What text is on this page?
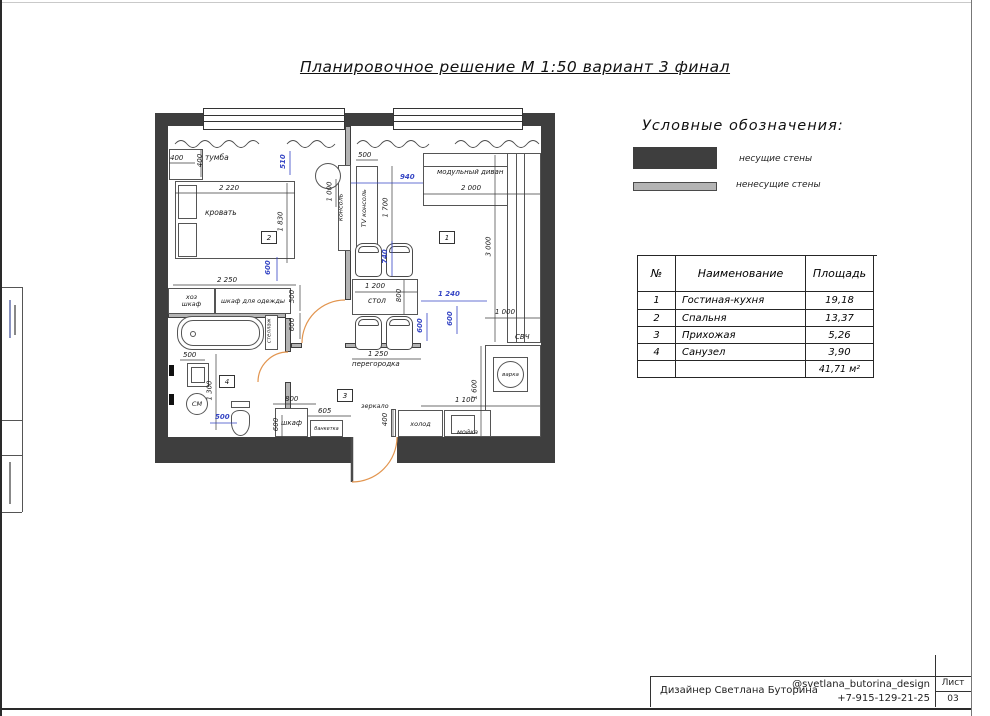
Планировочное решение М 1:50 вариант 3 финал
Условные обозначения:
несущие стены
ненесущие стены
№	Наименование	Площадь
1 Гостиная-кухня	19,18
2 Спальня	13,37
3 Прихожая	5,26
4 Санузел	3,90
41,71 м²
1
2
3
4
тумба
кровать	консоль TV консоль
модульный диван
стол
перегородка
хоз
шкаф	шкаф для одежды
стеллаж
СМ	зеркало
шкаф
банкетка
холод
мойка
СВЧ
варка
400 400
2 220
1 830
2 250
500
1 700
2 000
3 000
1 200
800
1 250
1 000
1 100
1 600
400
800
605
600
500
1 300
500
600
1 000
510
940
740
1 240
600
600
600
500
Дизайнер Светлана Буторина
@svetlana_butorina_design
+7-915-129-21-25
Лист
03
